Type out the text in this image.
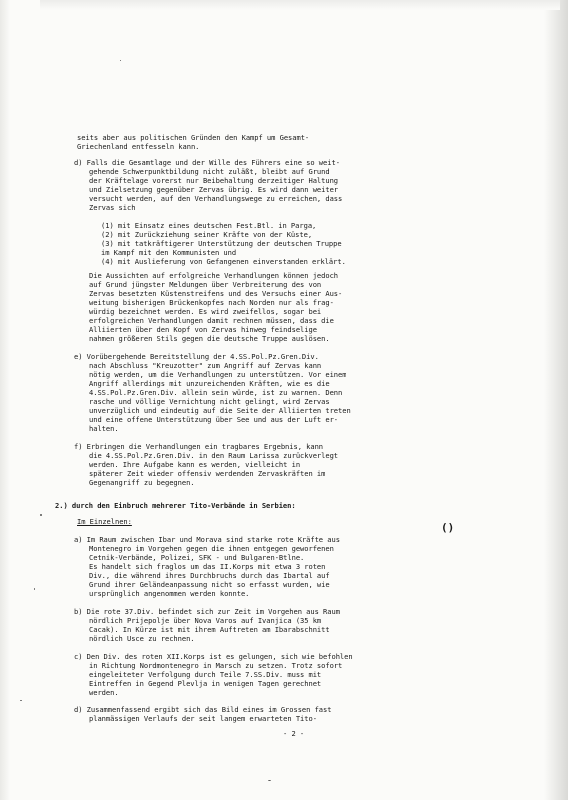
seits aber aus politischen Gründen den Kampf um Gesamt-
Griechenland entfesseln kann.
d) Falls die Gesamtlage und der Wille des Führers eine so weit-
gehende Schwerpunktbildung nicht zuläßt, bleibt auf Grund
der Kräftelage vorerst nur Beibehaltung derzeitiger Haltung
und Zielsetzung gegenüber Zervas übrig. Es wird dann weiter
versucht werden, auf den Verhandlungswege zu erreichen, dass
Zervas sich
(1) mit Einsatz eines deutschen Fest.Btl. in Parga,
(2) mit Zurückziehung seiner Kräfte von der Küste,
(3) mit tatkräftigerer Unterstützung der deutschen Truppe
im Kampf mit den Kommunisten und
(4) mit Auslieferung von Gefangenen einverstanden erklärt.
Die Aussichten auf erfolgreiche Verhandlungen können jedoch
auf Grund jüngster Meldungen über Verbreiterung des von
Zervas besetzten Küstenstreifens und des Versuchs einer Aus-
weitung bisherigen Brückenkopfes nach Norden nur als frag-
würdig bezeichnet werden. Es wird zweifellos, sogar bei
erfolgreichen Verhandlungen damit rechnen müssen, dass die
Alliierten über den Kopf von Zervas hinweg feindselige
nahmen größeren Stils gegen die deutsche Truppe auslösen.
e) Vorübergehende Bereitstellung der 4.SS.Pol.Pz.Gren.Div.
nach Abschluss "Kreuzotter" zum Angriff auf Zervas kann
nötig werden, um die Verhandlungen zu unterstützen. Vor einem
Angriff allerdings mit unzureichenden Kräften, wie es die
4.SS.Pol.Pz.Gren.Div. allein sein würde, ist zu warnen. Denn
rasche und völlige Vernichtung nicht gelingt, wird Zervas
unverzüglich und eindeutig auf die Seite der Alliierten treten
und eine offene Unterstützung über See und aus der Luft er-
halten.
f) Erbringen die Verhandlungen ein tragbares Ergebnis, kann
die 4.SS.Pol.Pz.Gren.Div. in den Raum Larissa zurückverlegt
werden. Ihre Aufgabe kann es werden, vielleicht in
späterer Zeit wieder offensiv werdenden Zervaskräften im
Gegenangriff zu begegnen.
2.) durch den Einbruch mehrerer Tito-Verbände in Serbien:
Im Einzelnen:	()
a) Im Raum zwischen Ibar und Morava sind starke rote Kräfte aus
Montenegro im Vorgehen gegen die ihnen entgegen geworfenen
Cetnik-Verbände, Polizei, SFK - und Bulgaren-Btlne.
Es handelt sich fraglos um das II.Korps mit etwa 3 roten
Div., die während ihres Durchbruchs durch das Ibartal auf
Grund ihrer Geländeanpassung nicht so erfasst wurden, wie
ursprünglich angenommen werden konnte.
b) Die rote 37.Div. befindet sich zur Zeit im Vorgehen aus Raum
nördlich Prijepolje über Nova Varos auf Ivanjica (35 km
Cacak). In Kürze ist mit ihrem Auftreten am Ibarabschnitt
nördlich Usce zu rechnen.
c) Den Div. des roten XII.Korps ist es gelungen, sich wie befohlen
in Richtung Nordmontenegro in Marsch zu setzen. Trotz sofort
eingeleiteter Verfolgung durch Teile 7.SS.Div. muss mit
Eintreffen in Gegend Plevlja in wenigen Tagen gerechnet
werden.
d) Zusammenfassend ergibt sich das Bild eines im Grossen fast
planmässigen Verlaufs der seit langem erwarteten Tito-
- 2 -
